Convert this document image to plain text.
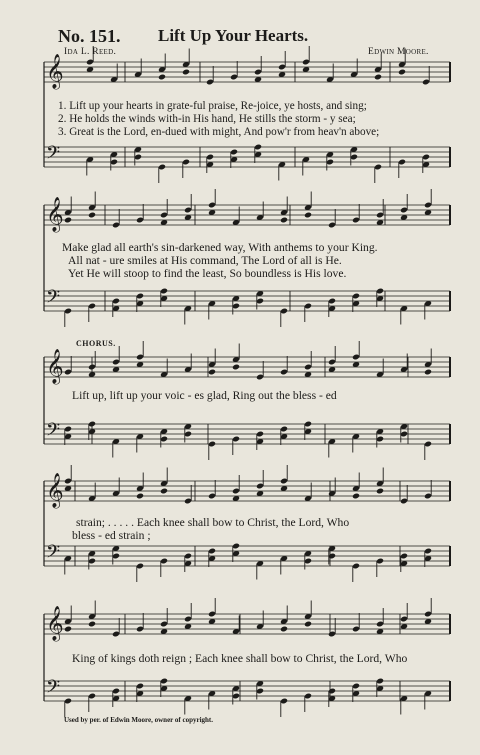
No. 151. Lift Up Your Hearts.
Ida L. Reed.	Edwin Moore.
𝄞
𝄢
𝄞
𝄢
𝄞
𝄢
𝄞
𝄢
𝄞
𝄢
1. Lift up your hearts in grate-ful praise, Re-joice, ye hosts, and sing;
2. He holds the winds with-in His hand, He stills the storm - y sea;
3. Great is the Lord, en-dued with might, And pow'r from heav'n above;
Make glad all earth's sin-darkened way, With anthems to your King.
All nat - ure smiles at His command, The Lord of all is He.
Yet He will stoop to find the least, So boundless is His love.
CHORUS.
Lift up, lift up your voic - es glad, Ring out the bless - ed
strain; . . . . . Each knee shall bow to Christ, the Lord, Who
bless - ed strain ;
King of kings doth reign ; Each knee shall bow to Christ, the Lord, Who
Used by per. of Edwin Moore, owner of copyright.
